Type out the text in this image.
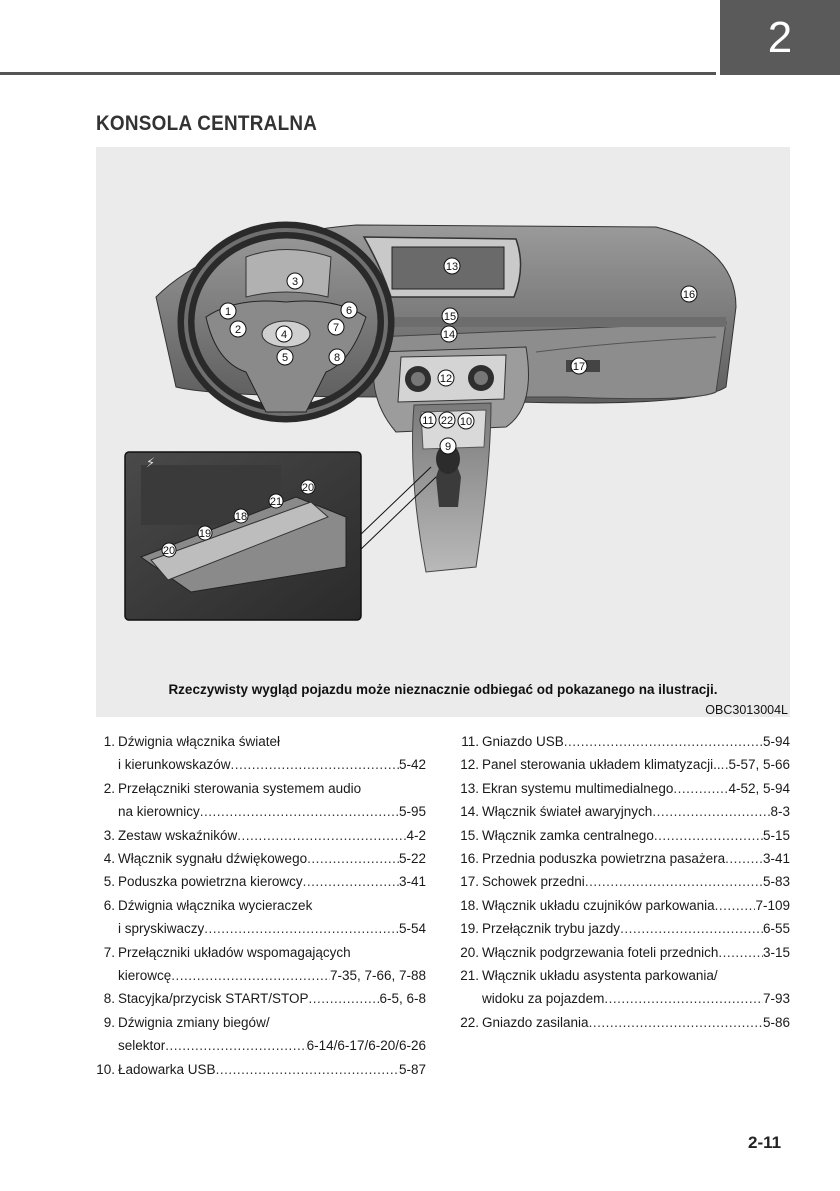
2
KONSOLA CENTRALNA
1
2
3
4
5
6
7
8
9
10
11
12
13
14
15
16
17
22
⚡
20
19
18
21
20
Rzeczywisty wygląd pojazdu może nieznacznie odbiegać od pokazanego na ilustracji.
OBC3013004L
1. Dźwignia włącznika świateł
i kierunkowskazów .....	5-42
2. Przełączniki sterowania systemem audio
na kierownicy .....	5-95
3. Zestaw wskaźników .....	4-2
4. Włącznik sygnału dźwiękowego .....	5-22
5. Poduszka powietrzna kierowcy .....	3-41
6. Dźwignia włącznika wycieraczek
i spryskiwaczy .....	5-54
7. Przełączniki układów wspomagających
kierowcę .....	7-35, 7-66, 7-88
8. Stacyjka/przycisk START/STOP .....	6-5, 6-8
9. Dźwignia zmiany biegów/
selektor .....	6-14/6-17/6-20/6-26
10. Ładowarka USB .....	5-87
11. Gniazdo USB .....	5-94
12. Panel sterowania układem klimatyzacji.. ..... 5-57, 5-66
13. Ekran systemu multimedialnego .....	4-52, 5-94
14. Włącznik świateł awaryjnych .....	8-3
15. Włącznik zamka centralnego .....	5-15
16. Przednia poduszka powietrzna pasażera .....	3-41
17. Schowek przedni .....	5-83
18. Włącznik układu czujników parkowania .....	7-109
19. Przełącznik trybu jazdy .....	6-55
20. Włącznik podgrzewania foteli przednich .....	3-15
21. Włącznik układu asystenta parkowania/
widoku za pojazdem .....	7-93
22. Gniazdo zasilania .....	5-86
2-11
